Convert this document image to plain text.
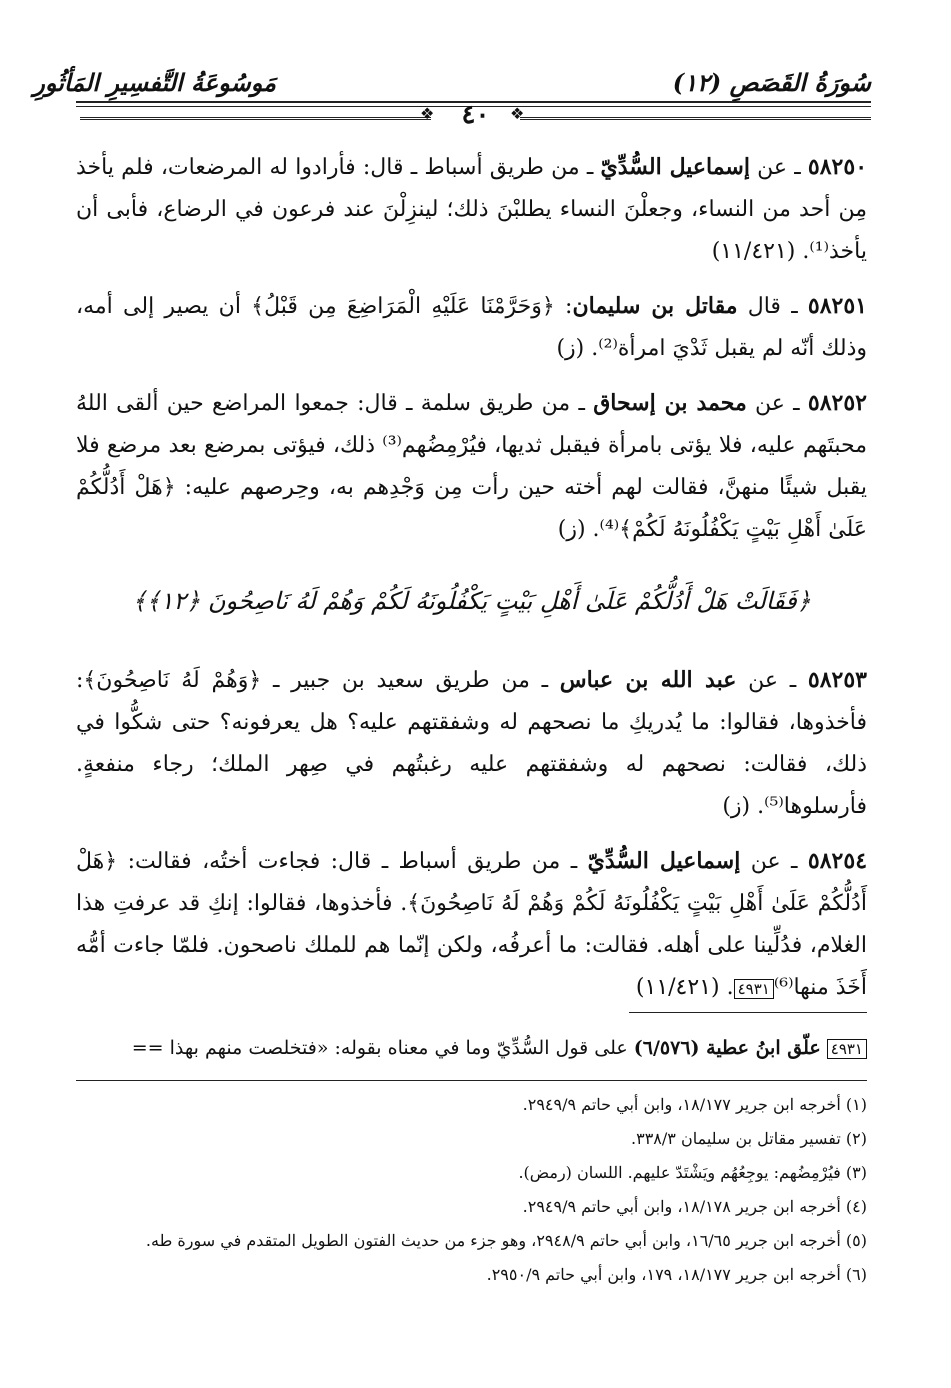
سُورَةُ القَصَصِ (١٢)
مَوسُوعَةُ التَّفسِيرِ المَأثُورِ
❖	❖
٤٠

٥٨٢٥٠ ـ عن إسماعيل السُّدِّيّ ـ من طريق أسباط ـ قال: فأرادوا له المرضعات، فلم يأخذ مِن أحد من النساء، وجعلْنَ النساء يطلبْنَ ذلك؛ لينزِلْنَ عند فرعون في الرضاع، فأبى أن يأخذ⁽¹⁾. (١١/٤٢١)

٥٨٢٥١ ـ قال مقاتل بن سليمان: ﴿وَحَرَّمْنَا عَلَيْهِ الْمَرَاضِعَ مِن قَبْلُ﴾ أن يصير إلى أمه، وذلك أنّه لم يقبل ثَدْيَ امرأة⁽²⁾. (ز)

٥٨٢٥٢ ـ عن محمد بن إسحاق ـ من طريق سلمة ـ قال: جمعوا المراضع حين ألقى اللهُ محبتَهم عليه، فلا يؤتى بامرأة فيقبل ثديها، فيُرْمِضُهم⁽³⁾ ذلك، فيؤتى بمرضع بعد مرضع فلا يقبل شيئًا منهنَّ، فقالت لهم أخته حين رأت مِن وَجْدِهم به، وحِرصهم عليه: ﴿هَلْ أَدُلُّكُمْ عَلَىٰ أَهْلِ بَيْتٍ يَكْفُلُونَهُ لَكُمْ﴾⁽⁴⁾. (ز)

﴿فَقَالَتْ هَلْ أَدُلُّكُمْ عَلَىٰ أَهْلِ بَيْتٍ يَكْفُلُونَهُ لَكُمْ وَهُمْ لَهُ نَاصِحُونَ ﴿١٢﴾﴾

٥٨٢٥٣ ـ عن عبد الله بن عباس ـ من طريق سعيد بن جبير ـ ﴿وَهُمْ لَهُ نَاصِحُونَ﴾: فأخذوها، فقالوا: ما يُدريكِ ما نصحهم له وشفقتهم عليه؟ هل يعرفونه؟ حتى شكُّوا في ذلك، فقالت: نصحهم له وشفقتهم عليه رغبتُهم في صِهر الملك؛ رجاء منفعةٍ. فأرسلوها⁽⁵⁾. (ز)

٥٨٢٥٤ ـ عن إسماعيل السُّدِّيّ ـ من طريق أسباط ـ قال: فجاءت أختُه، فقالت: ﴿هَلْ أَدُلُّكُمْ عَلَىٰ أَهْلِ بَيْتٍ يَكْفُلُونَهُ لَكُمْ وَهُمْ لَهُ نَاصِحُونَ﴾. فأخذوها، فقالوا: إنكِ قد عرفتِ هذا الغلام، فدُلِّينا على أهله. فقالت: ما أعرفُه، ولكن إنّما هم للملك ناصحون. فلمّا جاءت أمُّه أَخَذَ منها⁽⁶⁾٤٩٣١. (١١/٤٢١)

٤٩٣١ علّق ابنُ عطية (٦/٥٧٦) على قول السُّدِّيّ وما في معناه بقوله: «فتخلصت منهم بهذا ==
(١) أخرجه ابن جرير ١٨/١٧٧، وابن أبي حاتم ٢٩٤٩/٩.
(٢) تفسير مقاتل بن سليمان ٣٣٨/٣.
(٣) فيُرْمِضُهم: يوجِعُهُم ويَشْتَدّ عليهم. اللسان (رمض).
(٤) أخرجه ابن جرير ١٨/١٧٨، وابن أبي حاتم ٢٩٤٩/٩.
(٥) أخرجه ابن جرير ١٦/٦٥، وابن أبي حاتم ٢٩٤٨/٩، وهو جزء من حديث الفتون الطويل المتقدم في سورة طه.
(٦) أخرجه ابن جرير ١٨/١٧٧، ١٧٩، وابن أبي حاتم ٢٩٥٠/٩.
